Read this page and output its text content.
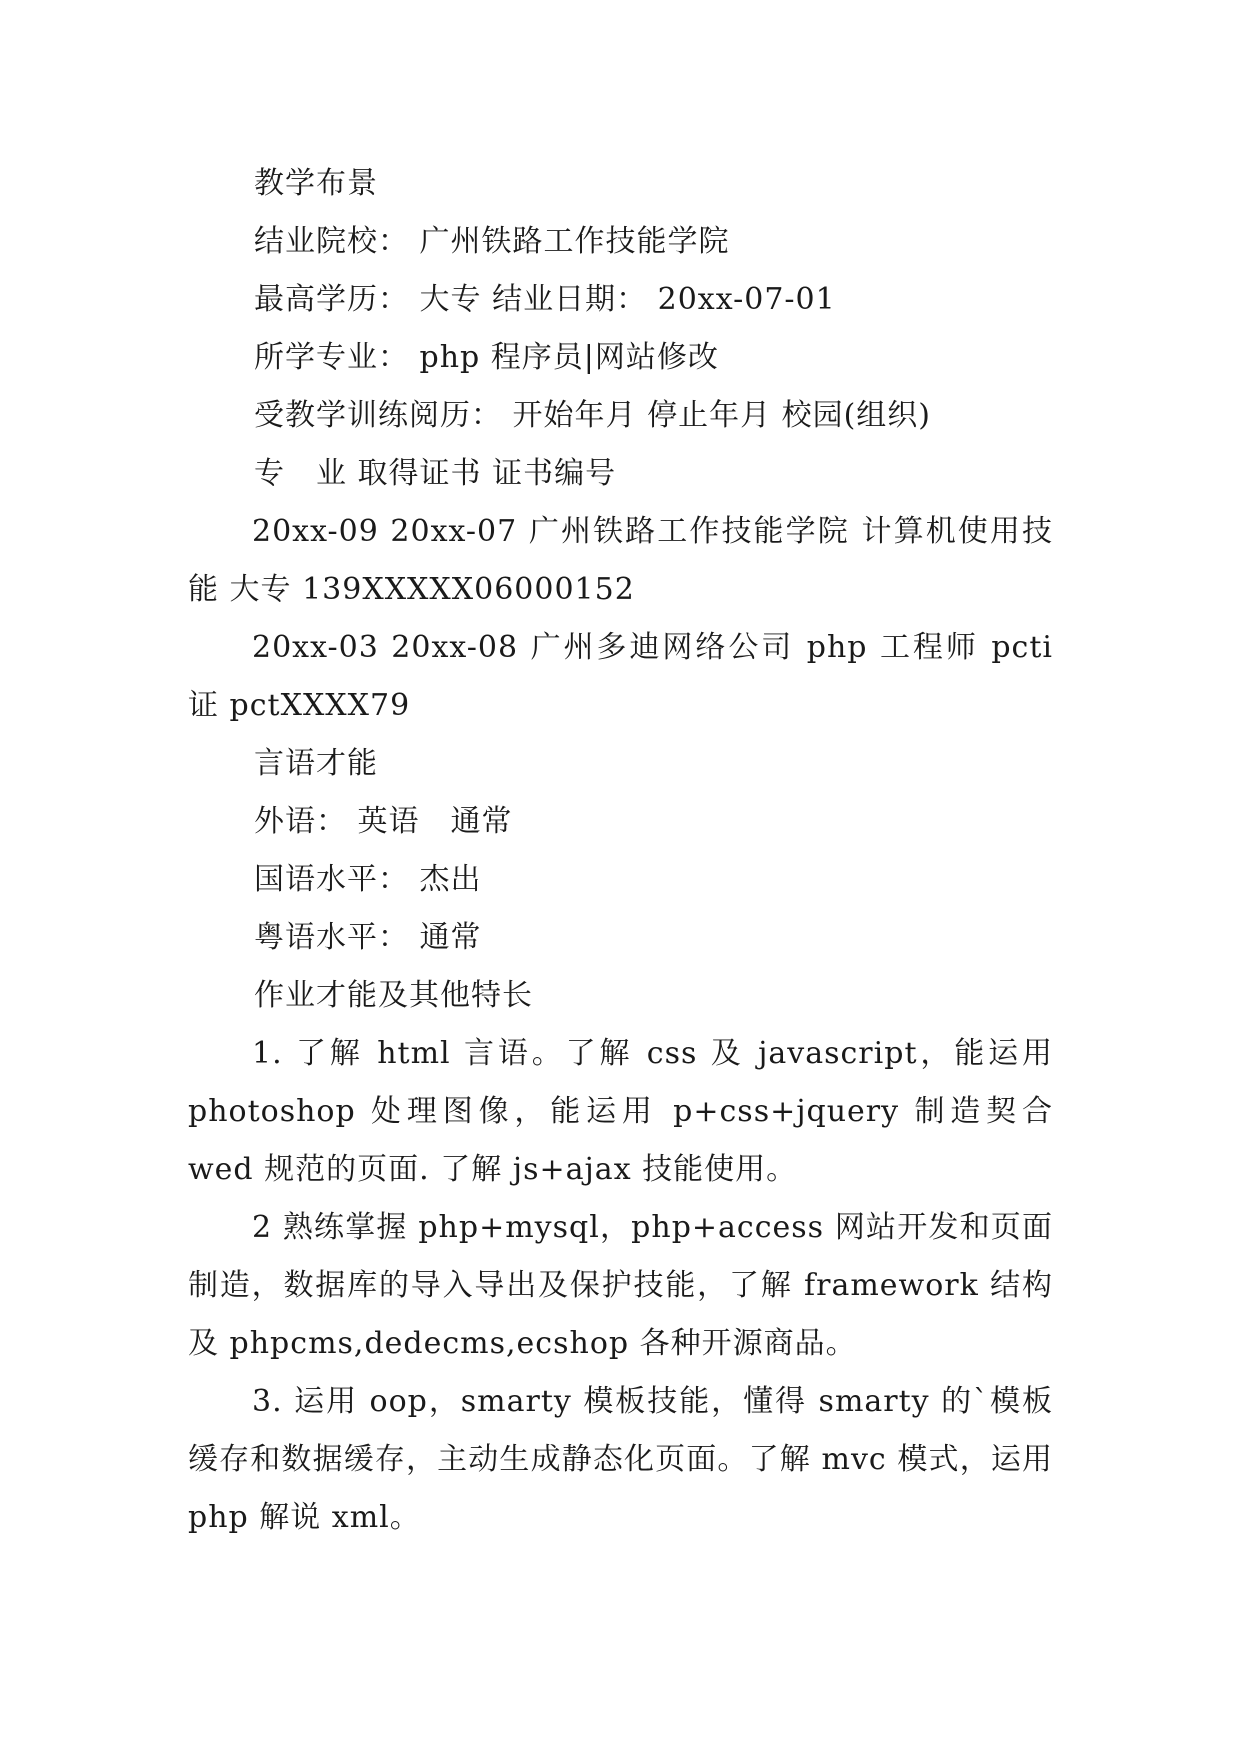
教学布景

结业院校： 广州铁路工作技能学院

最高学历： 大专 结业日期： 20xx-07-01

所学专业： php 程序员|网站修改

受教学训练阅历： 开始年月 停止年月 校园(组织)

专　业 取得证书 证书编号

20xx-09 20xx-07 广州铁路工作技能学院 计算机使用技能 大专 139XXXXX06000152

20xx-03 20xx-08 广州多迪网络公司 php 工程师 pcti 证 pctXXXX79

言语才能

外语： 英语　通常

国语水平： 杰出

粤语水平： 通常

作业才能及其他特长

1. 了解 html 言语。了解 css 及 javascript，能运用 photoshop 处理图像，能运用 p+css+jquery 制造契合 wed 规范的页面. 了解 js+ajax 技能使用。

2 熟练掌握 php+mysql，php+access 网站开发和页面制造，数据库的导入导出及保护技能，了解 framework 结构及 phpcms,dedecms,ecshop 各种开源商品。

3. 运用 oop，smarty 模板技能，懂得 smarty 的`模板缓存和数据缓存，主动生成静态化页面。了解 mvc 模式，运用 php 解说 xml。
